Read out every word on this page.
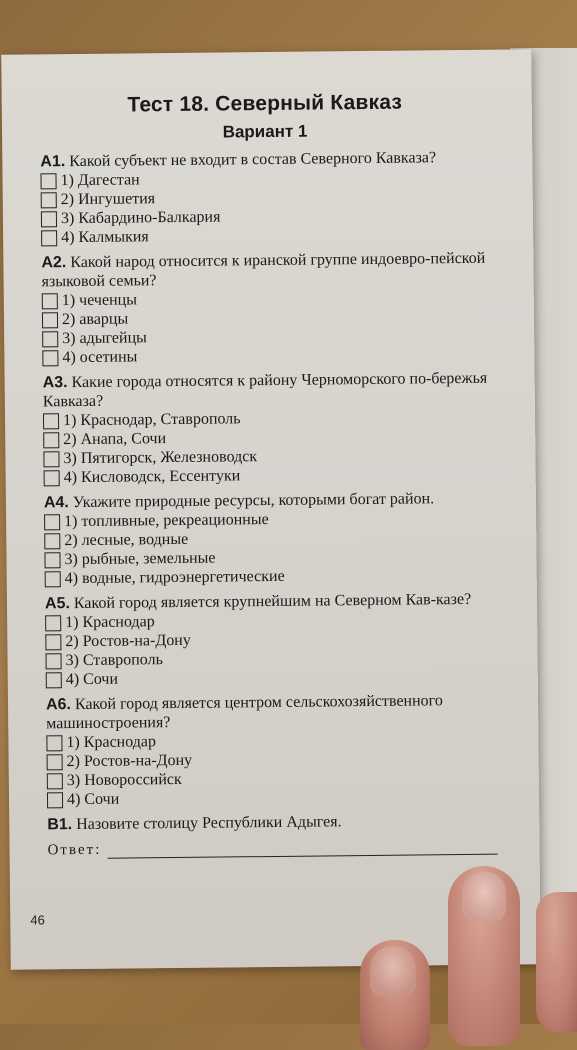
Тест 18. Северный Кавказ
Вариант 1

А1. Какой субъект не входит в состав Северного Кавказа?

1) Дагестан
2) Ингушетия
3) Кабардино-Балкария
4) Калмыкия

А2. Какой народ относится к иранской группе индоевро-пейской языковой семьи?

1) чеченцы
2) аварцы
3) адыгейцы
4) осетины

А3. Какие города относятся к району Черноморского по-бережья Кавказа?

1) Краснодар, Ставрополь
2) Анапа, Сочи
3) Пятигорск, Железноводск
4) Кисловодск, Ессентуки

А4. Укажите природные ресурсы, которыми богат район.

1) топливные, рекреационные
2) лесные, водные
3) рыбные, земельные
4) водные, гидроэнергетические

А5. Какой город является крупнейшим на Северном Кав-казе?

1) Краснодар
2) Ростов-на-Дону
3) Ставрополь
4) Сочи

А6. Какой город является центром сельскохозяйственного машиностроения?

1) Краснодар
2) Ростов-на-Дону
3) Новороссийск
4) Сочи

В1. Назовите столицу Республики Адыгея.

Ответ:
46
